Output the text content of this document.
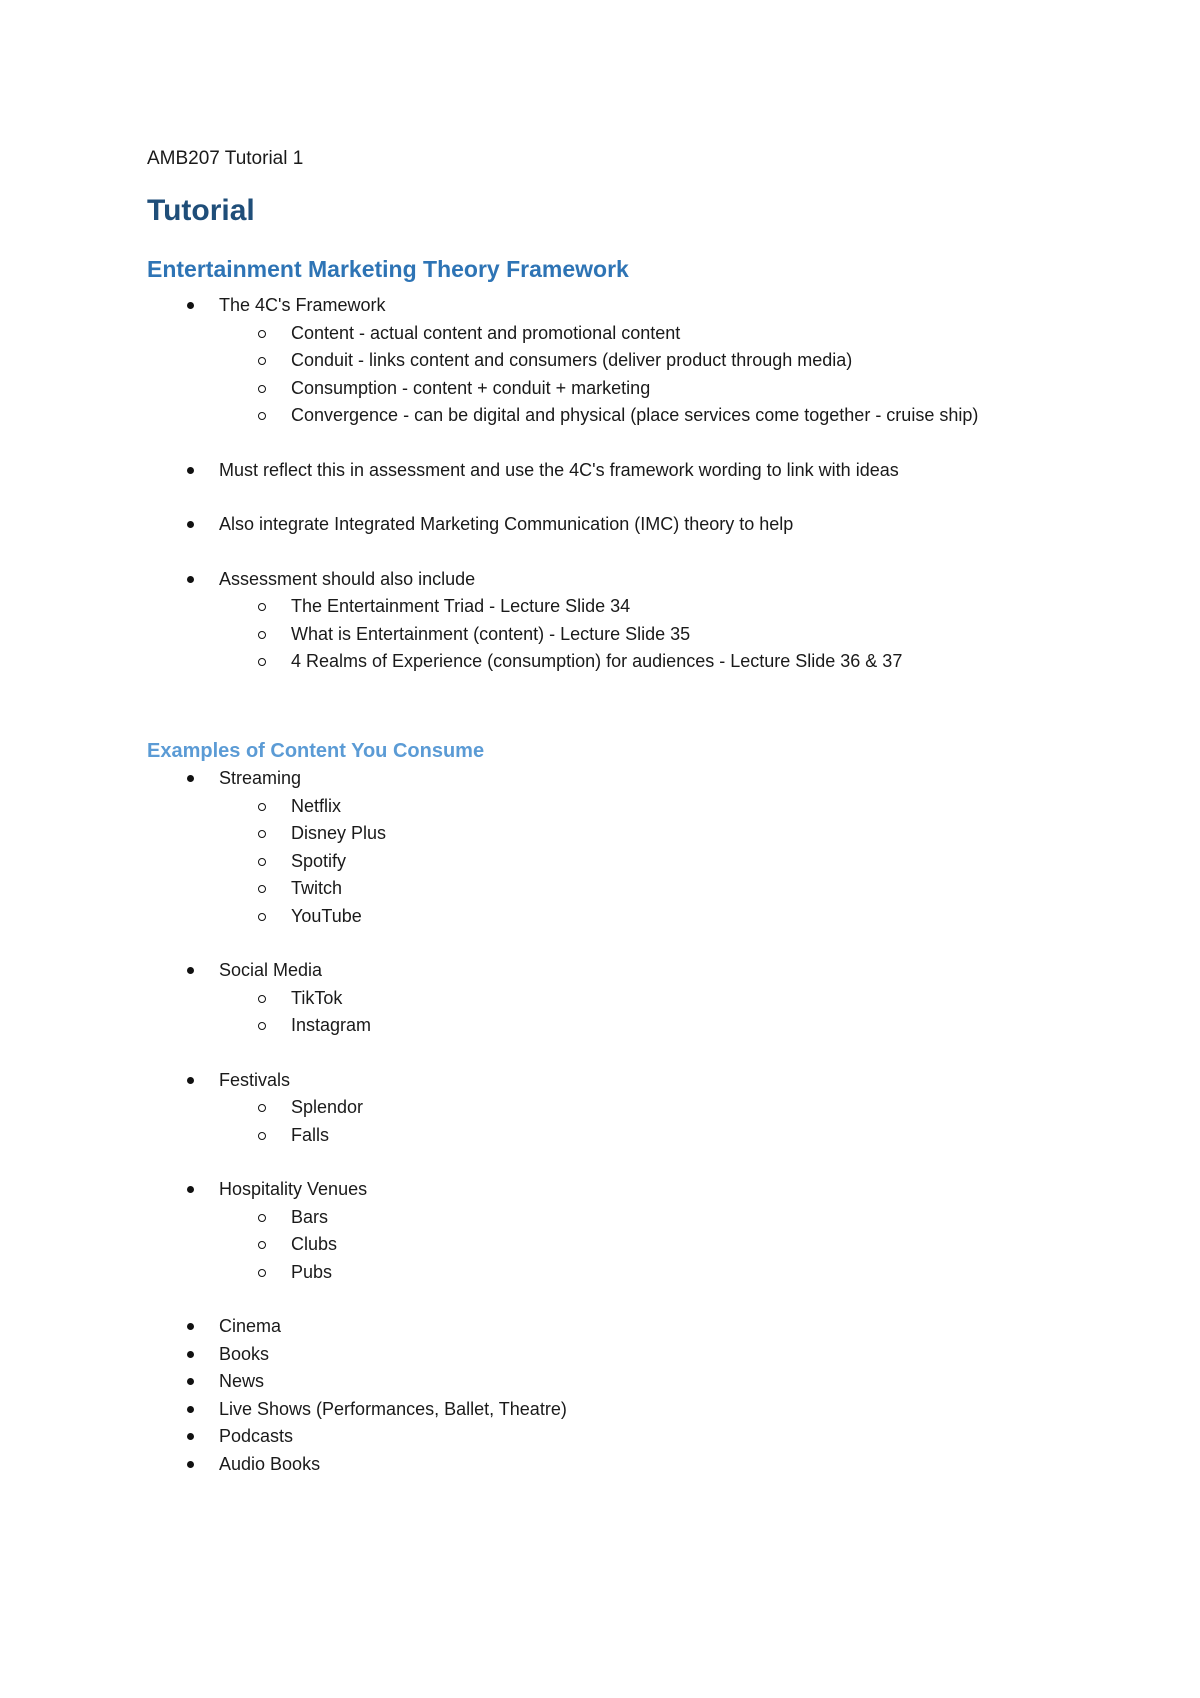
AMB207 Tutorial 1

Tutorial
Entertainment Marketing Theory Framework
The 4C's Framework
Content - actual content and promotional content
Conduit - links content and consumers (deliver product through media)
Consumption - content + conduit + marketing
Convergence - can be digital and physical (place services come together - cruise ship)
Must reflect this in assessment and use the 4C's framework wording to link with ideas
Also integrate Integrated Marketing Communication (IMC) theory to help
Assessment should also include
The Entertainment Triad - Lecture Slide 34
What is Entertainment (content) - Lecture Slide 35
4 Realms of Experience (consumption) for audiences - Lecture Slide 36 & 37
Examples of Content You Consume
Streaming
Netflix
Disney Plus
Spotify
Twitch
YouTube
Social Media
TikTok
Instagram
Festivals
Splendor
Falls
Hospitality Venues
Bars
Clubs
Pubs
Cinema
Books
News
Live Shows (Performances, Ballet, Theatre)
Podcasts
Audio Books
